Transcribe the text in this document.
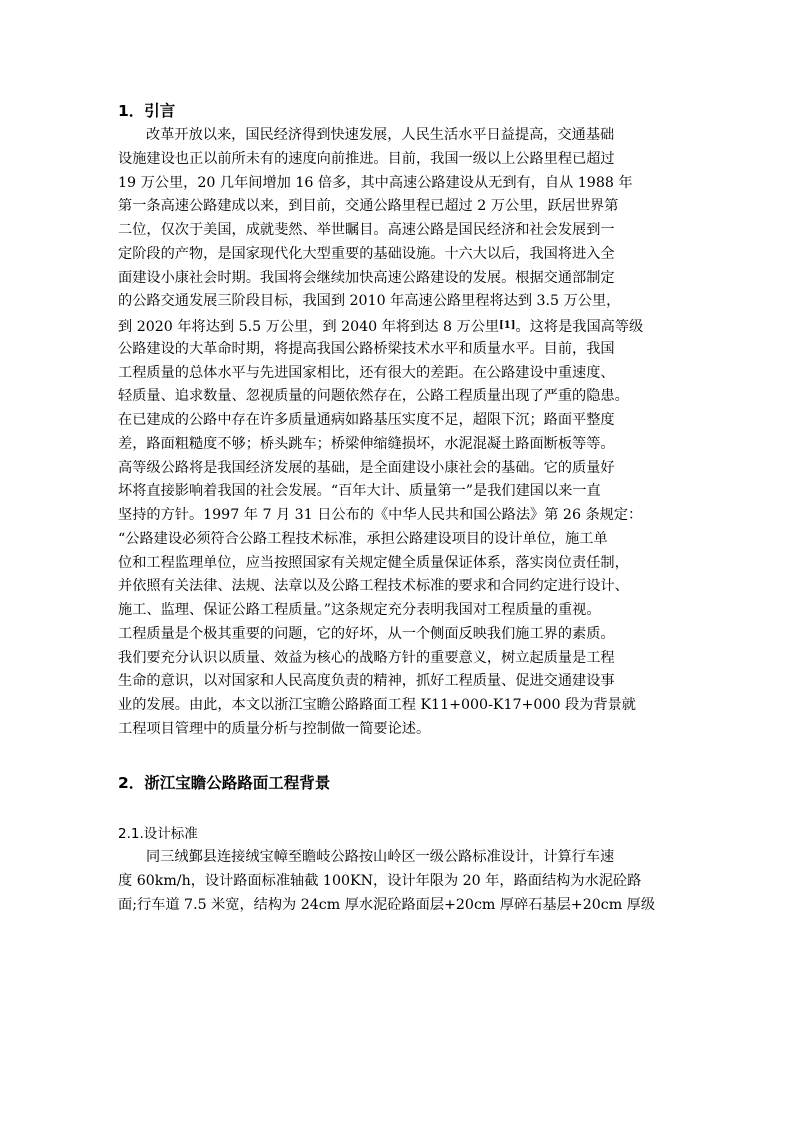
1．引言
改革开放以来，国民经济得到快速发展，人民生活水平日益提高，交通基础
设施建设也正以前所未有的速度向前推进。目前，我国一级以上公路里程已超过
19 万公里，20 几年间增加 16 倍多，其中高速公路建设从无到有，自从 1988 年
第一条高速公路建成以来，到目前，交通公路里程已超过 2 万公里，跃居世界第
二位，仅次于美国，成就斐然、举世瞩目。高速公路是国民经济和社会发展到一
定阶段的产物，是国家现代化大型重要的基础设施。十六大以后，我国将进入全
面建设小康社会时期。我国将会继续加快高速公路建设的发展。根据交通部制定
的公路交通发展三阶段目标，我国到 2010 年高速公路里程将达到 3.5 万公里，
到 2020 年将达到 5.5 万公里，到 2040 年将到达 8 万公里[1]。这将是我国高等级
公路建设的大革命时期，将提高我国公路桥梁技术水平和质量水平。目前，我国
工程质量的总体水平与先进国家相比，还有很大的差距。在公路建设中重速度、
轻质量、追求数量、忽视质量的问题依然存在，公路工程质量出现了严重的隐患。
在已建成的公路中存在许多质量通病如路基压实度不足，超限下沉；路面平整度
差，路面粗糙度不够；桥头跳车；桥梁伸缩缝损坏，水泥混凝土路面断板等等。
高等级公路将是我国经济发展的基础，是全面建设小康社会的基础。它的质量好
坏将直接影响着我国的社会发展。“百年大计、质量第一”是我们建国以来一直
坚持的方针。1997 年 7 月 31 日公布的《中华人民共和国公路法》第 26 条规定：
“公路建设必须符合公路工程技术标准，承担公路建设项目的设计单位，施工单
位和工程监理单位，应当按照国家有关规定健全质量保证体系，落实岗位责任制，
并依照有关法律、法规、法章以及公路工程技术标准的要求和合同约定进行设计、
施工、监理、保证公路工程质量。”这条规定充分表明我国对工程质量的重视。
工程质量是个极其重要的问题，它的好坏，从一个侧面反映我们施工界的素质。
我们要充分认识以质量、效益为核心的战略方针的重要意义，树立起质量是工程
生命的意识，以对国家和人民高度负责的精神，抓好工程质量、促进交通建设事
业的发展。由此，本文以浙江宝瞻公路路面工程 K11+000-K17+000 段为背景就
工程项目管理中的质量分析与控制做一简要论述。
2．浙江宝瞻公路路面工程背景
2.1.设计标准
同三绒鄞县连接绒宝幛至瞻岐公路按山岭区一级公路标准设计，计算行车速
度 60km/h，设计路面标准轴截 100KN，设计年限为 20 年，路面结构为水泥砼路
面;行车道 7.5 米宽，结构为 24cm 厚水泥砼路面层+20cm 厚碎石基层+20cm 厚级
